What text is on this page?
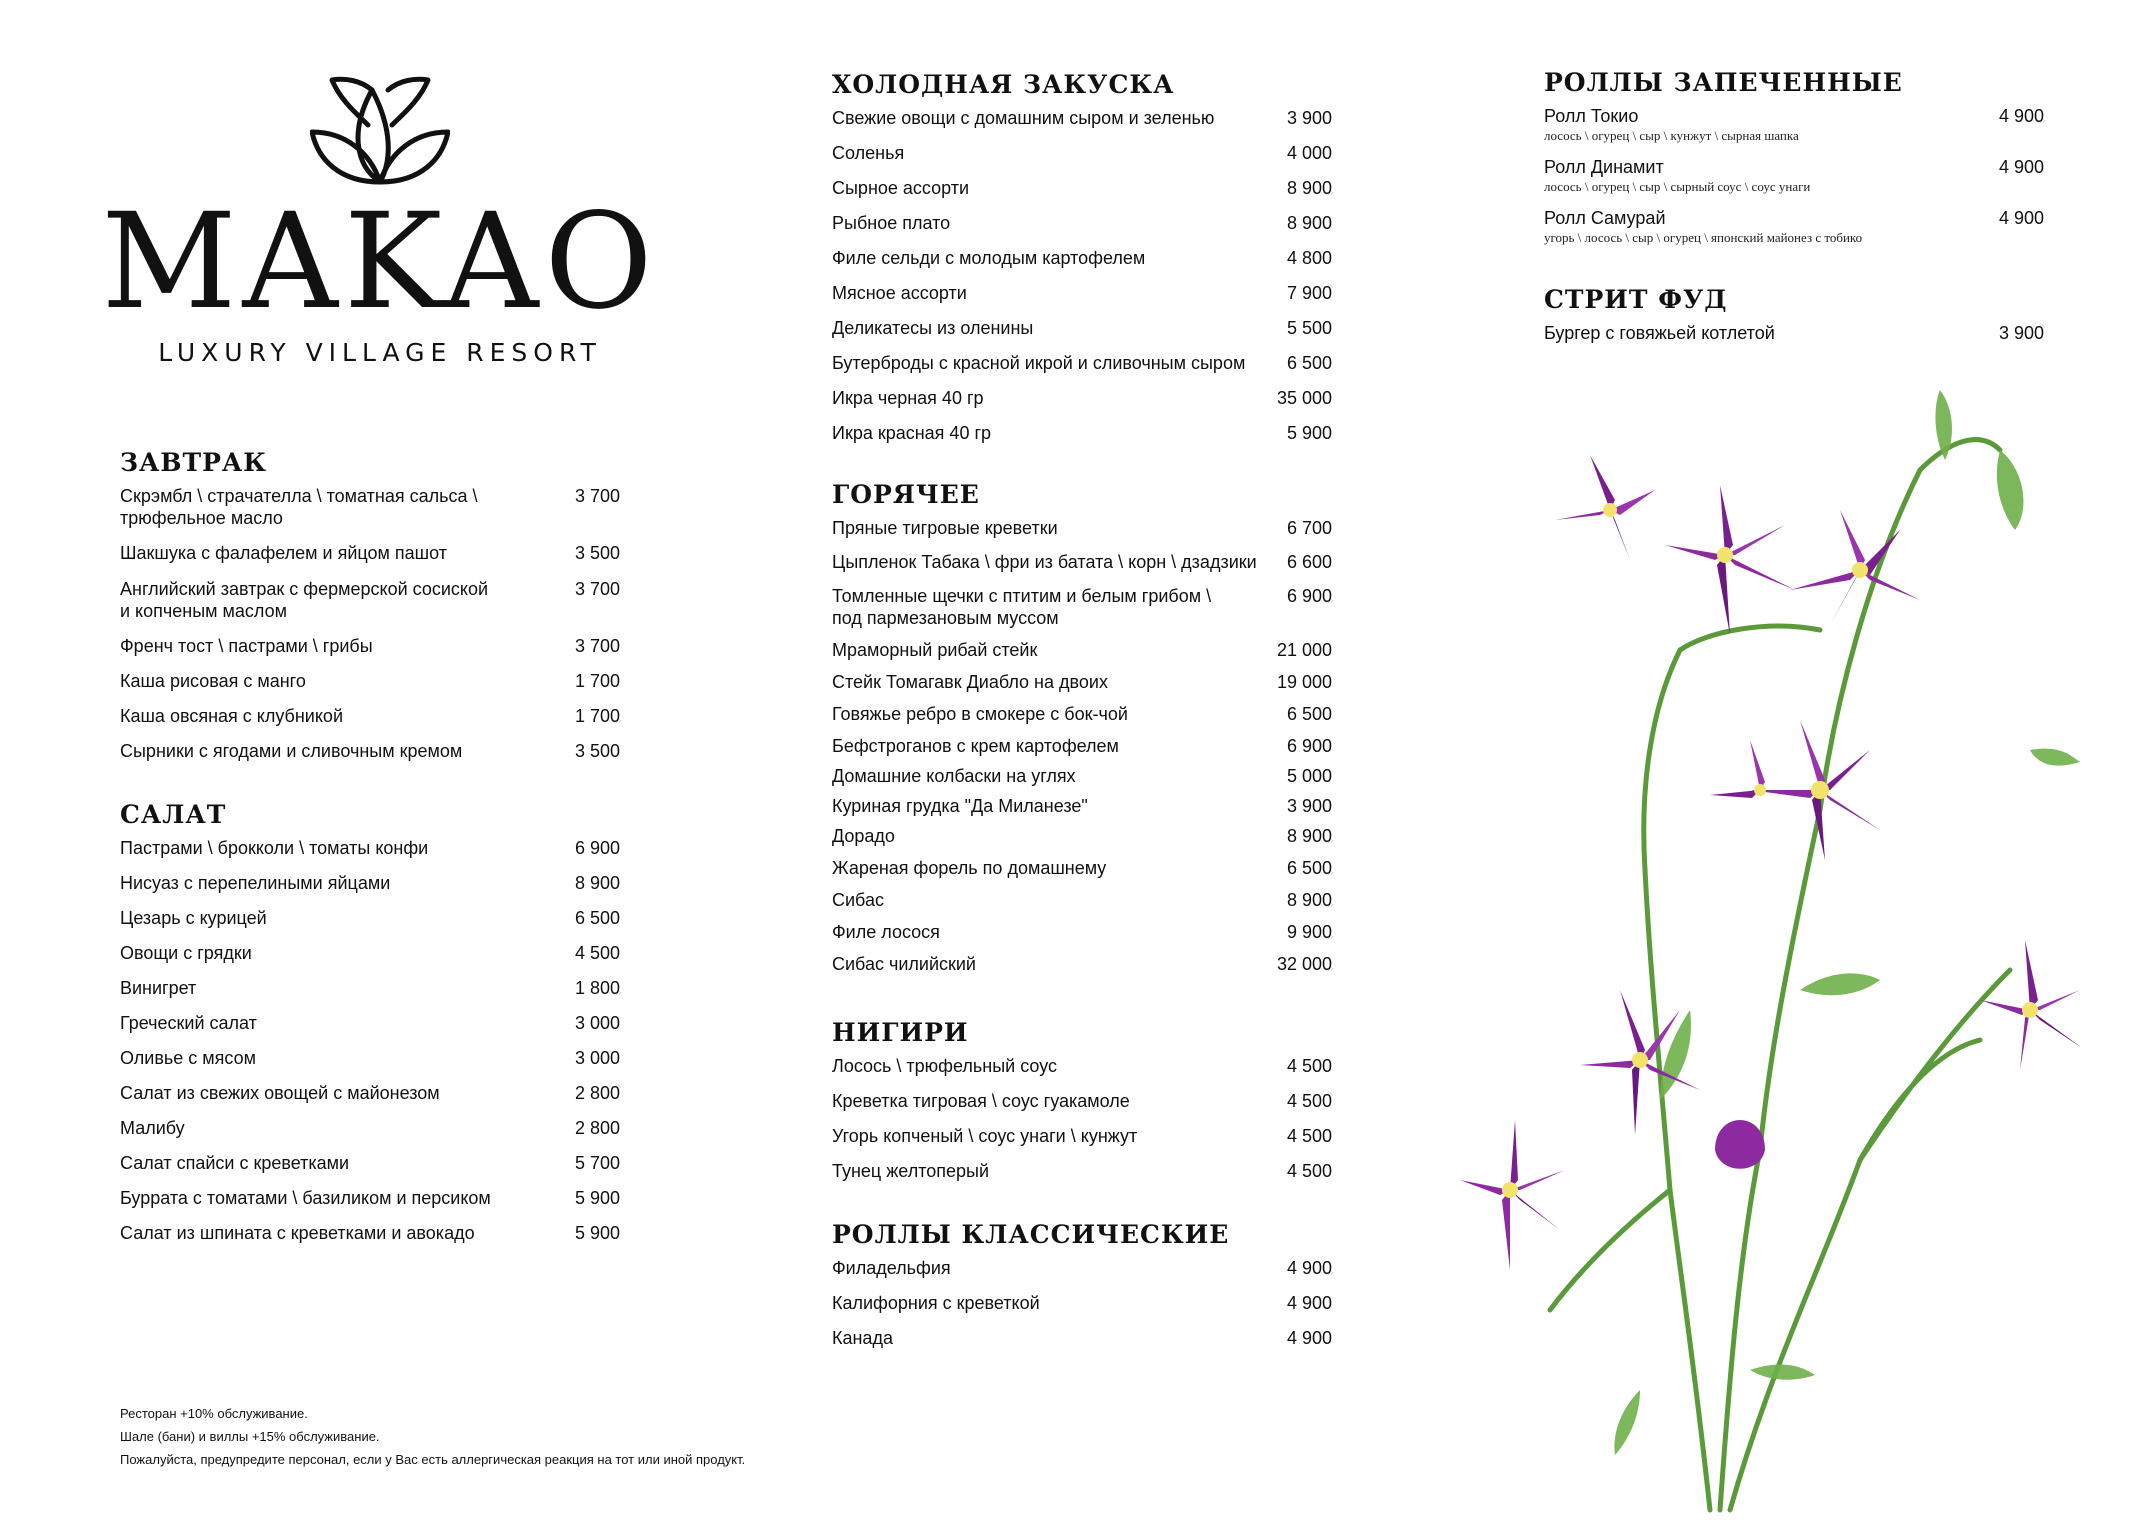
MAKAO
LUXURY VILLAGE RESORT
ЗАВТРАК
Скрэмбл \ страчателла \ томатная сальса \
трюфельное масло
3 700
Шакшука с фалафелем и яйцом пашот	3 500
Английский завтрак с фермерской сосиской
и копченым маслом
3 700
Френч тост \ пастрами \ грибы	3 700
Каша рисовая с манго	1 700
Каша овсяная с клубникой	1 700
Сырники с ягодами и сливочным кремом	3 500
САЛАТ
Пастрами \ брокколи \ томаты конфи	6 900
Нисуаз с перепелиными яйцами	8 900
Цезарь с курицей	6 500
Овощи с грядки	4 500
Винигрет	1 800
Греческий салат	3 000
Оливье с мясом	3 000
Салат из свежих овощей с майонезом	2 800
Малибу	2 800
Салат спайси с креветками	5 700
Буррата с томатами \ базиликом и персиком	5 900
Салат из шпината с креветками и авокадо	5 900
ХОЛОДНАЯ ЗАКУСКА
Свежие овощи с домашним сыром и зеленью	3 900
Соленья	4 000
Сырное ассорти	8 900
Рыбное плато	8 900
Филе сельди с молодым картофелем	4 800
Мясное ассорти	7 900
Деликатесы из оленины	5 500
Бутерброды с красной икрой и сливочным сыром 6 500
Икра черная 40 гр	35 000
Икра красная 40 гр	5 900
ГОРЯЧЕЕ
Пряные тигровые креветки	6 700
Цыпленок Табака \ фри из батата \ корн \ дзадзики 6 600
Томленные щечки с птитим и белым грибом \
под пармезановым муссом
6 900
Мраморный рибай стейк	21 000
Стейк Томагавк Диабло на двоих	19 000
Говяжье ребро в смокере с бок-чой	6 500
Бефстроганов с крем картофелем	6 900
Домашние колбаски на углях	5 000
Куриная грудка "Да Миланезе"	3 900
Дорадо	8 900
Жареная форель по домашнему	6 500
Сибас	8 900
Филе лосося	9 900
Сибас чилийский	32 000
НИГИРИ
Лосось \ трюфельный соус	4 500
Креветка тигровая \ соус гуакамоле	4 500
Угорь копченый \ соус унаги \ кунжут	4 500
Тунец желтоперый	4 500
РОЛЛЫ КЛАССИЧЕСКИЕ
Филадельфия	4 900
Калифорния с креветкой	4 900
Канада	4 900
РОЛЛЫ ЗАПЕЧЕННЫЕ
Ролл Токио	4 900
лосось \ огурец \ сыр \ кунжут \ сырная шапка
Ролл Динамит	4 900
лосось \ огурец \ сыр \ сырный соус \ соус унаги
Ролл Самурай	4 900
угорь \ лосось \ сыр \ огурец \ японский майонез с тобико
СТРИТ ФУД
Бургер с говяжьей котлетой	3 900
Ресторан +10% обслуживание.
Шале (бани) и виллы +15% обслуживание.
Пожалуйста, предупредите персонал, если у Вас есть аллергическая реакция на тот или иной продукт.
